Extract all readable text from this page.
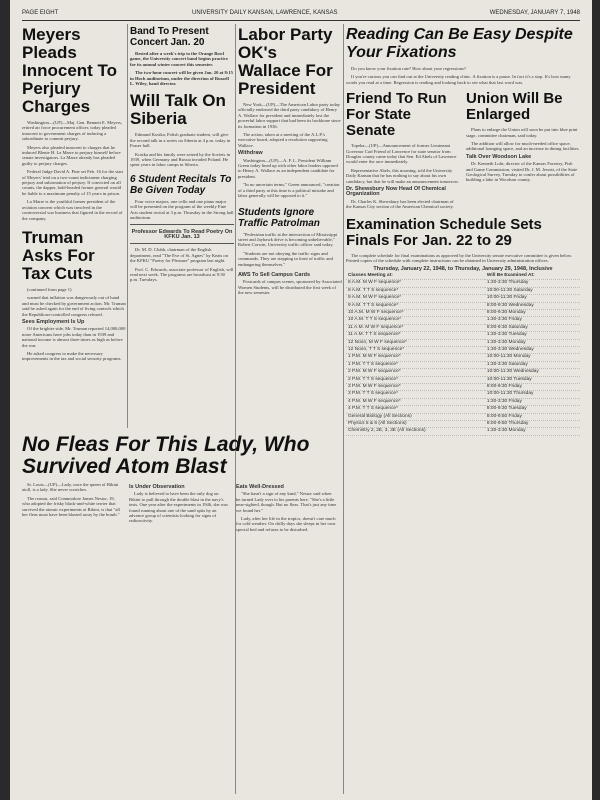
PAGE EIGHT	UNIVERSITY DAILY KANSAN, LAWRENCE, KANSAS	WEDNESDAY, JANUARY 7, 1948
Meyers Pleads Innocent To Perjury Charges

Washington—(UP)—Maj. Gen. Bennett E. Meyers, retired air force procurement officer, today pleaded innocent to government charges of inducing a subordinate to commit perjury.

Meyers also pleaded innocent to charges that he induced Blenie H. La Marre to perjury himself before senate investigators. La Marre already has pleaded guilty to perjury charges.

Federal Judge David A. Pine set Feb. 16 for the start of Meyers' trial on a two-count indictment charging perjury and subornation of perjury. If convicted on all counts, the dapper, bald-headed former general would be liable to a maximum penalty of 15 years in prison.

La Marre is the youthful former president of the aviation concern which was involved in the controversial war business that figured in the record of the company.

Truman Asks For Tax Cuts

(continued from page 1)

warned that inflation was dangerously out of hand and must be checked by government action. Mr. Truman said he asked again for the end of living controls which the Republican-controlled congress refused.

Sees Employment Is Up

Of the brighter side, Mr. Truman reported 14,000,000 more Americans have jobs today than in 1939 and national income is almost three times as high as before the war.

He asked congress to make the necessary improvements in the tax and social security programs.

Band To Present Concert Jan. 20

Rested after a week's trip to the Orange Bowl game, the University concert band begins practice for its annual winter concert this semester.

The two-hour concert will be given Jan. 20 at 8:15 in Hoch auditorium, under the direction of Russell L. Wiley, band director.

Will Talk On Siberia

Edmund Kostka, Polish graduate student, will give the second talk in a series on Siberia at 4 p.m. today in Fraser hall.

Kostka and his family were seized by the Soviets in 1939, when Germany and Russia invaded Poland. He spent years in labor camps in Siberia.

6 Student Recitals To Be Given Today

Four voice majors, one cello and one piano major will be presented on the program of the weekly Fine Arts student recital at 3 p.m. Thursday in the Strong hall auditorium.

Professor Edwards To Read Poetry On KFKU Jan. 13

Dr. M. D. Clubb, chairman of the English department, read "The Eve of St. Agnes" by Keats on the KFKU "Poetry for Pleasure" program last night.

Prof. C. Edwards, associate professor of English, will read next week. The programs are broadcast at 9:30 p.m. Tuesdays.

Labor Party OK's Wallace For President

New York—(UP)—The American Labor party today officially endorsed the third party candidacy of Henry A. Wallace for president and immediately lost the powerful labor support that had been its backbone since its formation in 1936.

The action, taken at a meeting of the A.L.P.'s executive board, adopted a resolution supporting Wallace.

Withdraw

Washington—(UP)—A. F. L. President William Green today lined up with other labor leaders opposed to Henry A. Wallace as an independent candidate for president.

"In no uncertain terms," Green announced, "creation of a third party at this time is a political mistake and labor generally will be opposed to it."

Students Ignore Traffic Patrolman

"Pedestrian traffic at the intersection of Mississippi street and Jayhawk drive is becoming unbelievable," Robert Corwin, University traffic officer said today.

"Students are not obeying the traffic signs and commands. They are stepping in front of traffic and endangering themselves."

AWS To Sell Campus Cards

Postcards of campus scenes, sponsored by Associated Women Students, will be distributed the first week of the new semester.

Reading Can Be Easy Despite Your Fixations

Do you know your fixation rate? How about your regressions?

If you're curious you can find out at the University reading clinic. A fixation is a pause. In fact it's a stop. It's how many words you read at a time. Regression is reading and looking back to see what that last word was.

Friend To Run For State Senate

Topeka—(UP)—Announcement of former Lieutenant Governor Carl Friend of Lawrence for state senator from Douglas county came today that Sen. Ed Abels of Lawrence would enter the race immediately.

Representative Abels, this morning, told the University Daily Kansan that he has nothing to say about his own candidacy, but that he will make an announcement tomorrow.

Dr. Shewsbury Now Head Of Chemical Organization

Dr. Charles K. Shewsbury has been elected chairman of the Kansas City section of the American Chemical society.

Union Will Be Enlarged

Plans to enlarge the Union will soon be put into blue print stage, committee chairman, said today.

The addition will allow for much-needed office space, additional lounging space, and an increase in dining facilities.

Talk Over Woodson Lake

Dr. Kenneth Lohr, director of the Kansas Forestry, Fish and Game Commission, visited Dr. J. M. Jewett, of the State Geological Survey, Tuesday to confer about possibilities of building a lake in Woodson county.

Examination Schedule Sets Finals For Jan. 22 to 29

The complete schedule for final examinations as approved by the University senate executive committee is given below. Printed copies of the schedule with complete instructions can be obtained in University administration offices.

Thursday, January 22, 1948, to Thursday, January 29, 1948, Inclusive
Classes Meeting at:	Will Be Examined At:
8 A.M. M W F sequence*	1:30-3:30 Thursday
8 A.M. T T S sequence*	10:00-11:30 Saturday
9 A.M. M W F sequence*	10:00-11:30 Friday
9 A.M. T T S sequence*	8:00-9:30 Wednesday
10 A.M. M W F sequence*	8:00-9:30 Monday
10 A.M. T T S sequence*	1:30-3:30 Friday
11 A.M. M W F sequence*	8:00-9:30 Saturday
11 A.M. T T S sequence*	1:30-3:30 Tuesday
12 Noon, M W F sequence*	1:30-3:30 Monday
12 Noon, T T S sequence*	1:30-3:30 Wednesday
1 P.M. M W F sequence*	10:00-11:30 Monday
1 P.M. T T S sequence*	1:30-3:30 Saturday
2 P.M. M W F sequence*	10:00-11:30 Wednesday
2 P.M. T T S sequence*	10:00-11:30 Tuesday
3 P.M. M W F sequence*	8:00-9:30 Friday
3 P.M. T T S sequence*	10:00-11:30 Thursday
4 P.M. M W F sequence*	1:30-3:30 Friday
4 P.M. T T S sequence*	8:00-9:30 Tuesday
General Biology (All Sections)	8:00-9:50 Friday
Physics 5 & 6 (All Sections)	8:00-9:50 Thursday
Chemistry 2, 2E, 3, 3E (All Sections)	1:30-3:30 Monday
No Fleas For This Lady, Who Survived Atom Blast

St. Louis—(UP)—Lady, once the queen of Bikini atoll, is a lady. She never scratches.

The reason, said Commodore James Nestor, 19, who adopted the frisky black-and-white terrier that survived the atomic experiments at Bikini, is that "all her fleas must have been blasted away by the bomb."

Is Under Observation

Lady is believed to have been the only dog on Bikini to pull through the double blast in the navy's tests. One year after the experiments in 1946, she was found running about one of the sand spits by an advance group of scientists looking for signs of radioactivity.

Eats Well-Dressed

"She hasn't a sign of any kind," Nestor said when he turned Lady over to his parents here. "She's a little near-sighted, though. But no fleas. That's just any time we found her."

Lady, after her life in the tropics, doesn't care much for cold weather. On chilly days she sleeps in her own special bed and refuses to be disturbed.
